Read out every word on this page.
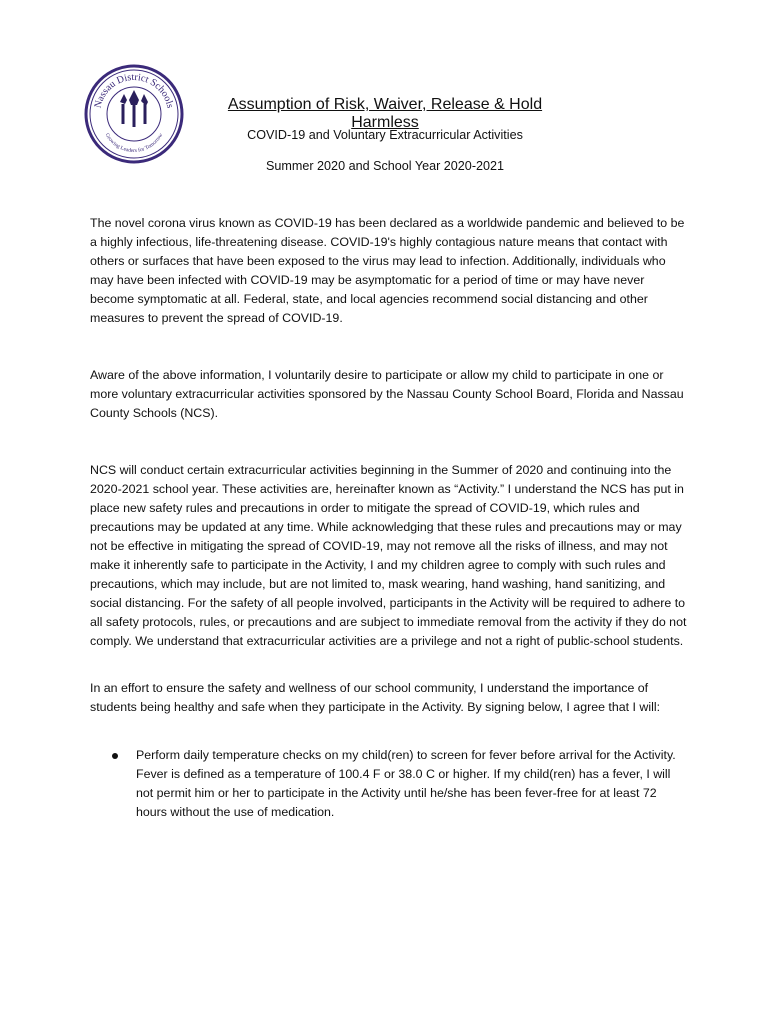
Nassau District Schools
Growing Leaders for Tomorrow
Assumption of Risk, Waiver, Release & Hold Harmless
COVID-19 and Voluntary Extracurricular Activities
Summer 2020 and School Year 2020-2021

The novel corona virus known as COVID-19 has been declared as a worldwide pandemic and believed to be a highly infectious, life-threatening disease. COVID-19's highly contagious nature means that contact with others or surfaces that have been exposed to the virus may lead to infection. Additionally, individuals who may have been infected with COVID-19 may be asymptomatic for a period of time or may have never become symptomatic at all. Federal, state, and local agencies recommend social distancing and other measures to prevent the spread of COVID-19.

Aware of the above information, I voluntarily desire to participate or allow my child to participate in one or more voluntary extracurricular activities sponsored by the Nassau County School Board, Florida and Nassau County Schools (NCS).

NCS will conduct certain extracurricular activities beginning in the Summer of 2020 and continuing into the 2020-2021 school year. These activities are, hereinafter known as “Activity.” I understand the NCS has put in place new safety rules and precautions in order to mitigate the spread of COVID-19, which rules and precautions may be updated at any time. While acknowledging that these rules and precautions may or may not be effective in mitigating the spread of COVID-19, may not remove all the risks of illness, and may not make it inherently safe to participate in the Activity, I and my children agree to comply with such rules and precautions, which may include, but are not limited to, mask wearing, hand washing, hand sanitizing, and social distancing. For the safety of all people involved, participants in the Activity will be required to adhere to all safety protocols, rules, or precautions and are subject to immediate removal from the activity if they do not comply. We understand that extracurricular activities are a privilege and not a right of public-school students.

In an effort to ensure the safety and wellness of our school community, I understand the importance of students being healthy and safe when they participate in the Activity. By signing below, I agree that I will:

Perform daily temperature checks on my child(ren) to screen for fever before arrival for the Activity. Fever is defined as a temperature of 100.4 F or 38.0 C or higher. If my child(ren) has a fever, I will not permit him or her to participate in the Activity until he/she has been fever-free for at least 72 hours without the use of medication.
